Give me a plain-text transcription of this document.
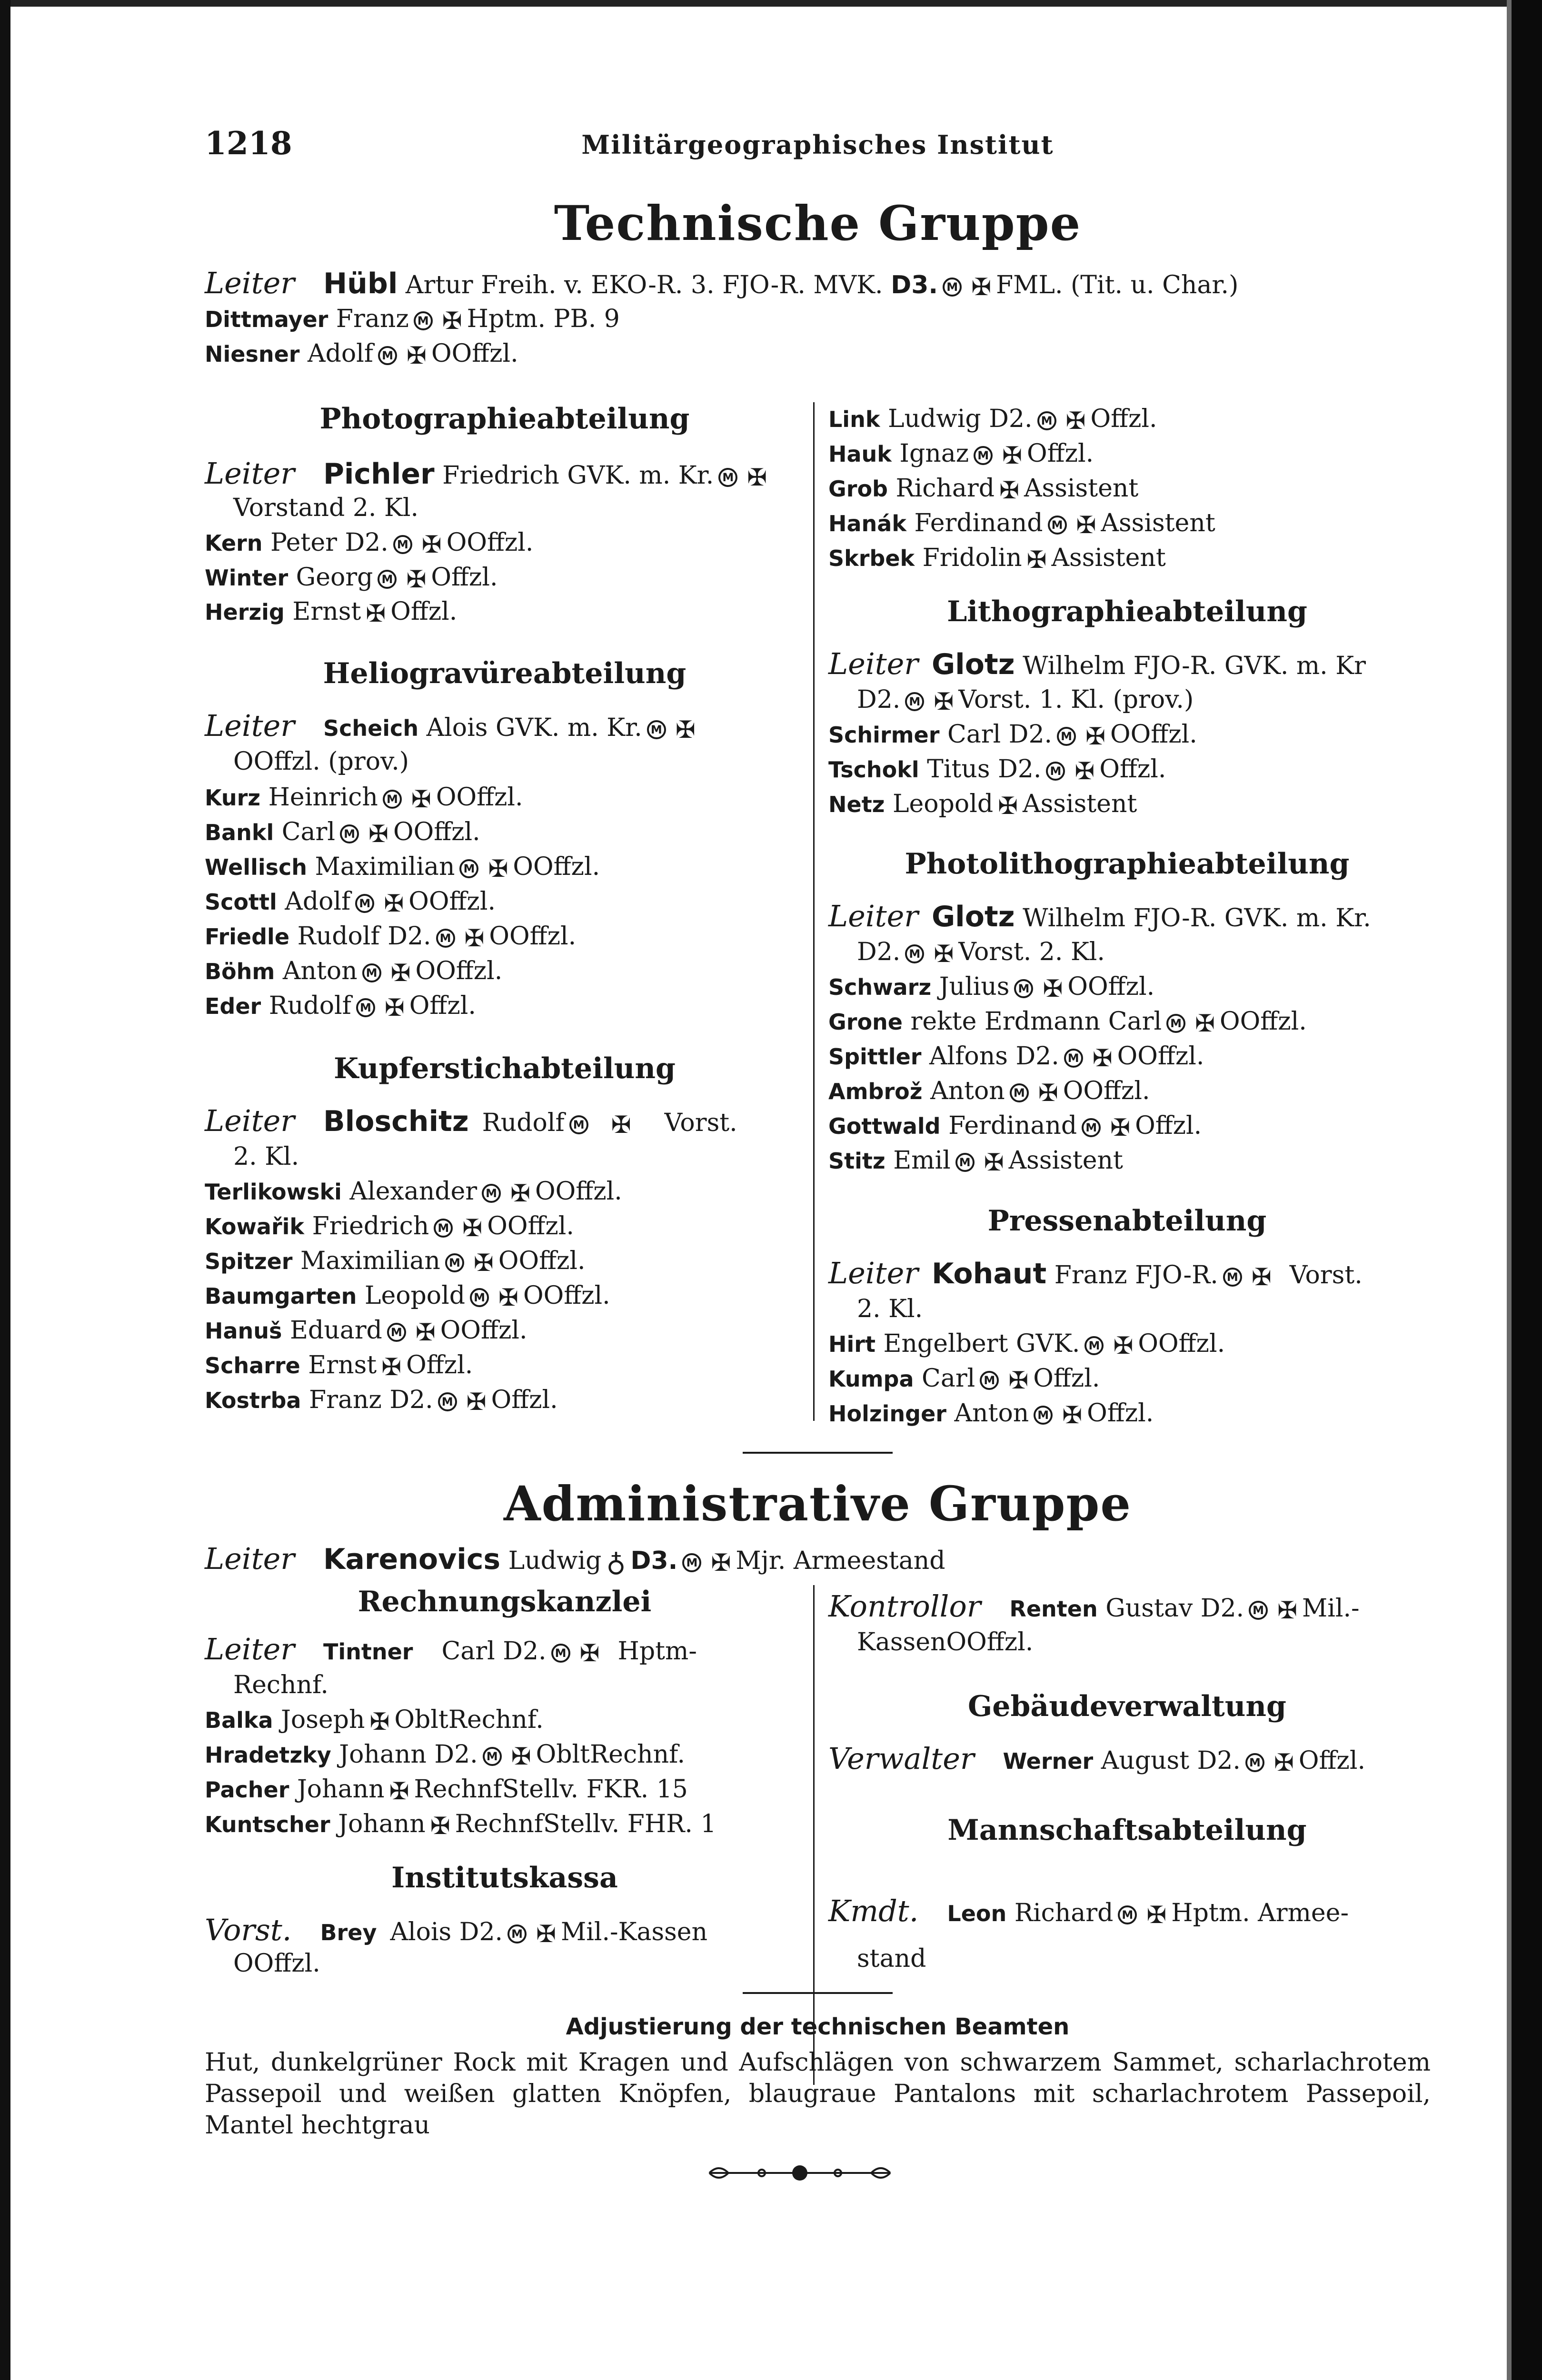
1218	Militärgeographisches Institut
Technische Gruppe
Leiter Hübl Artur Freih. v. EKO-R. 3. FJO-R. MVK. D3. M ✠ FML. (Tit. u. Char.)
Dittmayer Franz M ✠ Hptm. PB. 9
Niesner Adolf M ✠ OOffzl.
Photographieabteilung
Leiter Pichler Friedrich GVK. m. Kr. M ✠
Vorstand 2. Kl.
Kern Peter D2. M ✠ OOffzl.
Winter Georg M ✠ Offzl.
Herzig Ernst ✠ Offzl.
Heliogravüreabteilung
Leiter Scheich Alois GVK. m. Kr. M ✠
OOffzl. (prov.)
Kurz Heinrich M ✠ OOffzl.
Bankl Carl M ✠ OOffzl.
Wellisch Maximilian M ✠ OOffzl.
Scottl Adolf M ✠ OOffzl.
Friedle Rudolf D2. M ✠ OOffzl.
Böhm Anton M ✠ OOffzl.
Eder Rudolf M ✠ Offzl.
Kupferstichabteilung
Leiter Bloschitz Rudolf M ✠ Vorst.
2. Kl.
Terlikowski Alexander M ✠ OOffzl.
Kowařik Friedrich M ✠ OOffzl.
Spitzer Maximilian M ✠ OOffzl.
Baumgarten Leopold M ✠ OOffzl.
Hanuš Eduard M ✠ OOffzl.
Scharre Ernst ✠ Offzl.
Kostrba Franz D2. M ✠ Offzl.
Link Ludwig D2. M ✠ Offzl.
Hauk Ignaz M ✠ Offzl.
Grob Richard ✠ Assistent
Hanák Ferdinand M ✠ Assistent
Skrbek Fridolin ✠ Assistent
Lithographieabteilung
Leiter Glotz Wilhelm FJO-R. GVK. m. Kr
D2. M ✠ Vorst. 1. Kl. (prov.)
Schirmer Carl D2. M ✠ OOffzl.
Tschokl Titus D2. M ✠ Offzl.
Netz Leopold ✠ Assistent
Photolithographieabteilung
Leiter Glotz Wilhelm FJO-R. GVK. m. Kr.
D2. M ✠ Vorst. 2. Kl.
Schwarz Julius M ✠ OOffzl.
Grone rekte Erdmann Carl M ✠ OOffzl.
Spittler Alfons D2. M ✠ OOffzl.
Ambrož Anton M ✠ OOffzl.
Gottwald Ferdinand M ✠ Offzl.
Stitz Emil M ✠ Assistent
Pressenabteilung
Leiter Kohaut Franz FJO-R. M ✠ Vorst.
2. Kl.
Hirt Engelbert GVK. M ✠ OOffzl.
Kumpa Carl M ✠ Offzl.
Holzinger Anton M ✠ Offzl.
Administrative Gruppe
Leiter Karenovics Ludwig ♁ D3. M ✠ Mjr. Armeestand
Rechnungskanzlei
Leiter Tintner Carl D2. M ✠ Hptm-
Rechnf.
Balka Joseph ✠ ObltRechnf.
Hradetzky Johann D2. M ✠ ObltRechnf.
Pacher Johann ✠ RechnfStellv. FKR. 15
Kuntscher Johann ✠ RechnfStellv. FHR. 1
Institutskassa
Vorst. Brey Alois D2. M ✠ Mil.-Kassen
OOffzl.
Kontrollor Renten Gustav D2. M ✠ Mil.-
KassenOOffzl.
Gebäudeverwaltung
Verwalter Werner August D2. M ✠ Offzl.
Mannschaftsabteilung
Kmdt. Leon Richard M ✠ Hptm. Armee-
stand
Adjustierung der technischen Beamten
Hut, dunkelgrüner Rock mit Kragen und Aufschlägen von schwarzem Sammet, scharlachrotem Passepoil und weißen glatten Knöpfen, blaugraue Pantalons mit scharlachrotem Passepoil, Mantel hechtgrau
